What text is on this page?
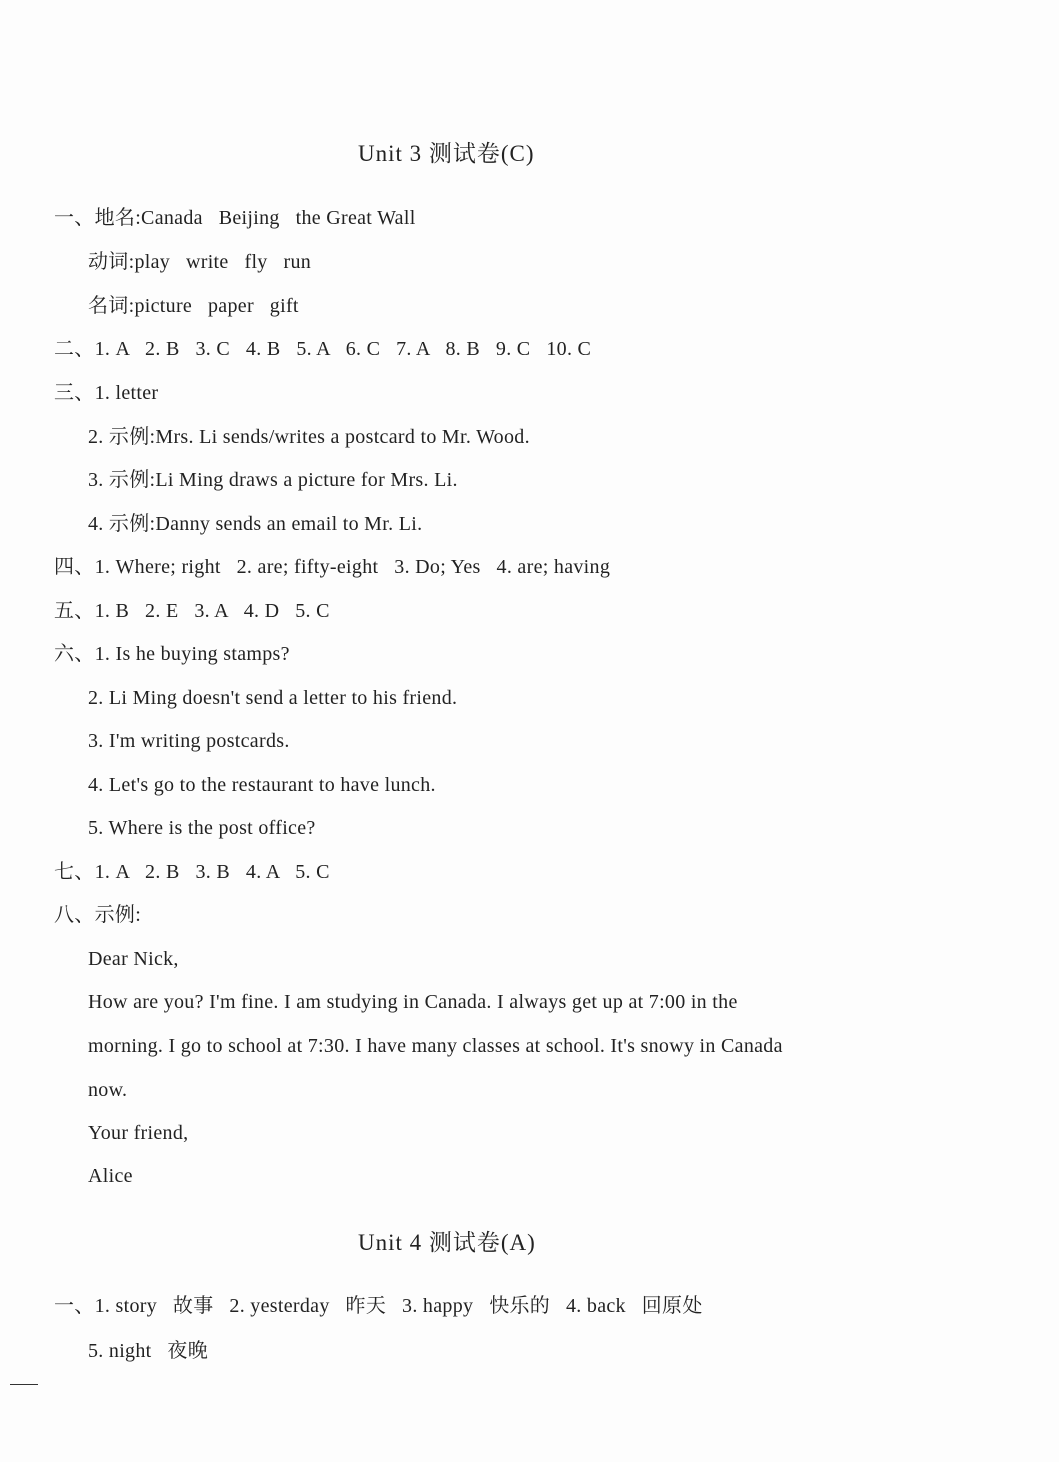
Unit 3 测试卷(C)
一、地名:Canada   Beijing   the Great Wall
动词:play   write   fly   run
名词:picture   paper   gift
二、1. A   2. B   3. C   4. B   5. A   6. C   7. A   8. B   9. C   10. C
三、1. letter
2. 示例:Mrs. Li sends/writes a postcard to Mr. Wood.
3. 示例:Li Ming draws a picture for Mrs. Li.
4. 示例:Danny sends an email to Mr. Li.
四、1. Where; right   2. are; fifty-eight   3. Do; Yes   4. are; having
五、1. B   2. E   3. A   4. D   5. C
六、1. Is he buying stamps?
2. Li Ming doesn't send a letter to his friend.
3. I'm writing postcards.
4. Let's go to the restaurant to have lunch.
5. Where is the post office?
七、1. A   2. B   3. B   4. A   5. C
八、示例:
Dear Nick,
How are you? I'm fine. I am studying in Canada. I always get up at 7:00 in the
morning. I go to school at 7:30. I have many classes at school. It's snowy in Canada
now.
Your friend,
Alice
Unit 4 测试卷(A)
一、1. story   故事   2. yesterday   昨天   3. happy   快乐的   4. back   回原处
5. night   夜晚
